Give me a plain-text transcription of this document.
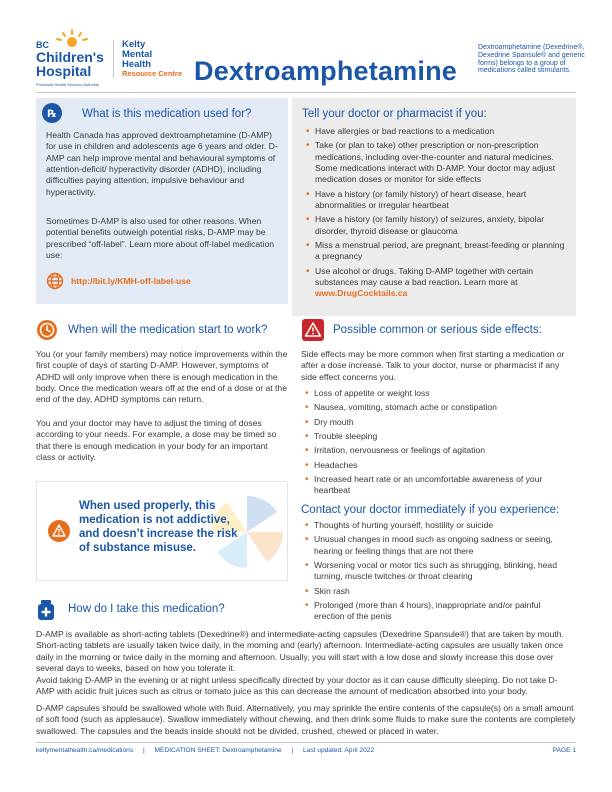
BC
Children's
Hospital
Provincial Health Services Authority
Kelty
Mental
Health
Resource Centre Dextroamphetamine
Dextroamphetamine (Dexedrine®, Dexedrine Spansule® and generic forms) belongs to a group of medications called stimulants.
℞ What is this medication used for?

Health Canada has approved dextroamphetamine (D-AMP) for use in children and adolescents age 6 years and older. D-AMP can help improve mental and behavioural symptoms of attention-deficit/ hyperactivity disorder (ADHD), including difficulties paying attention, impulsive behaviour and hyperactivity.

Sometimes D-AMP is also used for other reasons. When potential benefits outweigh potential risks, D-AMP may be prescribed “off-label”. Learn more about off-label medication use:

http://bit.ly/KMH-off-label-use
Tell your doctor or pharmacist if you:
• Have allergies or bad reactions to a medication
• Take (or plan to take) other prescription or non-prescription medications, including over-the-counter and natural medicines. Some medications interact with D-AMP. Your doctor may adjust medication doses or monitor for side effects
• Have a history (or family history) of heart disease, heart abnormalities or irregular heartbeat
• Have a history (or family history) of seizures, anxiety, bipolar disorder, thyroid disease or glaucoma
• Miss a menstrual period, are pregnant, breast-feeding or planning a pregnancy
• Use alcohol or drugs. Taking D-AMP together with certain substances may cause a bad reaction. Learn more at www.DrugCocktails.ca
When will the medication start to work?

You (or your family members) may notice improvements within the first couple of days of starting D-AMP. However, symptoms of ADHD will only improve when there is enough medication in the body. Once the medication wears off at the end of a dose or at the end of the day, ADHD symptoms can return.

You and your doctor may have to adjust the timing of doses according to your needs. For example, a dose may be timed so that there is enough medication in your body for an important class or activity.

When used properly, this medication is not addictive, and doesn’t increase the risk of substance misuse.
Possible common or serious side effects:

Side effects may be more common when first starting a medication or after a dose increase. Talk to your doctor, nurse or pharmacist if any side effect concerns you.

• Loss of appetite or weight loss
• Nausea, vomiting, stomach ache or constipation
• Dry mouth
• Trouble sleeping
• Irritation, nervousness or feelings of agitation
• Headaches
• Increased heart rate or an uncomfortable awareness of your heartbeat
Contact your doctor immediately if you experience:
• Thoughts of hurting yourself, hostility or suicide
• Unusual changes in mood such as ongoing sadness or seeing, hearing or feeling things that are not there
• Worsening vocal or motor tics such as shrugging, blinking, head turning, muscle twitches or throat clearing
• Skin rash
• Prolonged (more than 4 hours), inappropriate and/or painful erection of the penis
How do I take this medication?

D-AMP is available as short-acting tablets (Dexedrine®) and intermediate-acting capsules (Dexedrine Spansule®) that are taken by mouth. Short-acting tablets are usually taken twice daily, in the morning and (early) afternoon. Intermediate-acting capsules are usually taken once daily in the morning or twice daily in the morning and afternoon. Usually, you will start with a low dose and slowly increase this dose over several days to weeks, based on how you tolerate it.

Avoid taking D-AMP in the evening or at night unless specifically directed by your doctor as it can cause difficulty sleeping. Do not take D-AMP with acidic fruit juices such as citrus or tomato juice as this can decrease the amount of medication absorbed into your body.

D-AMP capsules should be swallowed whole with fluid. Alternatively, you may sprinkle the entire contents of the capsule(s) on a small amount of soft food (such as applesauce). Swallow immediately without chewing, and then drink some fluids to make sure the contents are completely swallowed. The capsules and the beads inside should not be divided, crushed, chewed or placed in water.

keltymentalhealth.ca/medications | MEDICATION SHEET: Dextroamphetamine | Last updated: April 2022	PAGE 1
